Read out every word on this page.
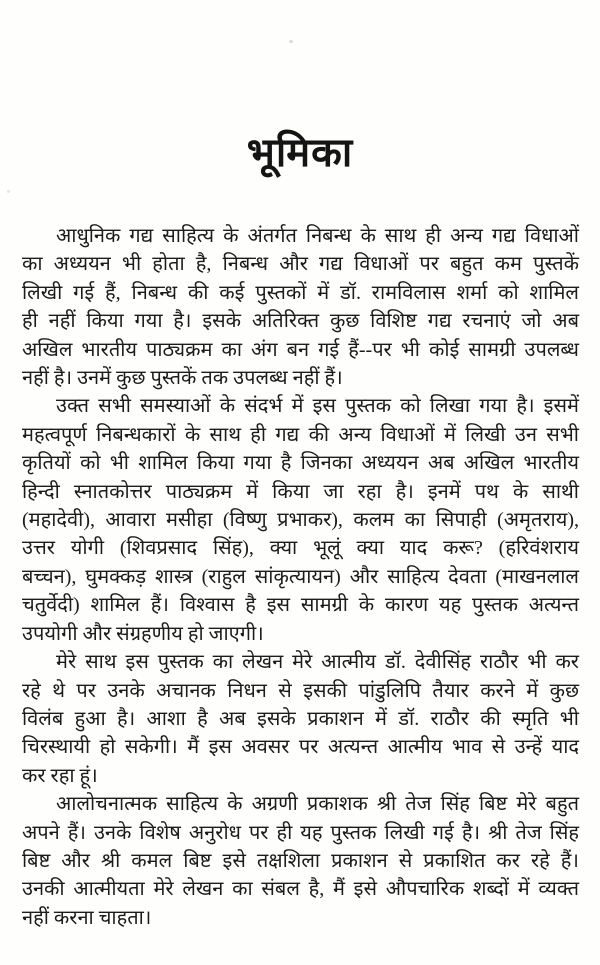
भूमिका
आधुनिक गद्य साहित्य के अंतर्गत निबन्ध के साथ ही अन्य गद्य विधाओं
का अध्ययन भी होता है, निबन्ध और गद्य विधाओं पर बहुत कम पुस्तकें
लिखी गई हैं, निबन्ध की कई पुस्तकों में डॉ. रामविलास शर्मा को शामिल
ही नहीं किया गया है। इसके अतिरिक्त कुछ विशिष्ट गद्य रचनाएं जो अब
अखिल भारतीय पाठ्यक्रम का अंग बन गई हैं--पर भी कोई सामग्री उपलब्ध
नहीं है। उनमें कुछ पुस्तकें तक उपलब्ध नहीं हैं।
उक्त सभी समस्याओं के संदर्भ में इस पुस्तक को लिखा गया है। इसमें
महत्वपूर्ण निबन्धकारों के साथ ही गद्य की अन्य विधाओं में लिखी उन सभी
कृतियों को भी शामिल किया गया है जिनका अध्ययन अब अखिल भारतीय
हिन्दी स्नातकोत्तर पाठ्यक्रम में किया जा रहा है। इनमें पथ के साथी
(महादेवी), आवारा मसीहा (विष्णु प्रभाकर), कलम का सिपाही (अमृतराय),
उत्तर योगी (शिवप्रसाद सिंह), क्या भूलूं क्या याद करू? (हरिवंशराय
बच्चन), घुमक्कड़ शास्त्र (राहुल सांकृत्यायन) और साहित्य देवता (माखनलाल
चतुर्वेदी) शामिल हैं। विश्वास है इस सामग्री के कारण यह पुस्तक अत्यन्त
उपयोगी और संग्रहणीय हो जाएगी।
मेरे साथ इस पुस्तक का लेखन मेरे आत्मीय डॉ. देवीसिंह राठौर भी कर
रहे थे पर उनके अचानक निधन से इसकी पांडुलिपि तैयार करने में कुछ
विलंब हुआ है। आशा है अब इसके प्रकाशन में डॉ. राठौर की स्मृति भी
चिरस्थायी हो सकेगी। मैं इस अवसर पर अत्यन्त आत्मीय भाव से उन्हें याद
कर रहा हूं।
आलोचनात्मक साहित्य के अग्रणी प्रकाशक श्री तेज सिंह बिष्ट मेरे बहुत
अपने हैं। उनके विशेष अनुरोध पर ही यह पुस्तक लिखी गई है। श्री तेज सिंह
बिष्ट और श्री कमल बिष्ट इसे तक्षशिला प्रकाशन से प्रकाशित कर रहे हैं।
उनकी आत्मीयता मेरे लेखन का संबल है, मैं इसे औपचारिक शब्दों में व्यक्त
नहीं करना चाहता।
